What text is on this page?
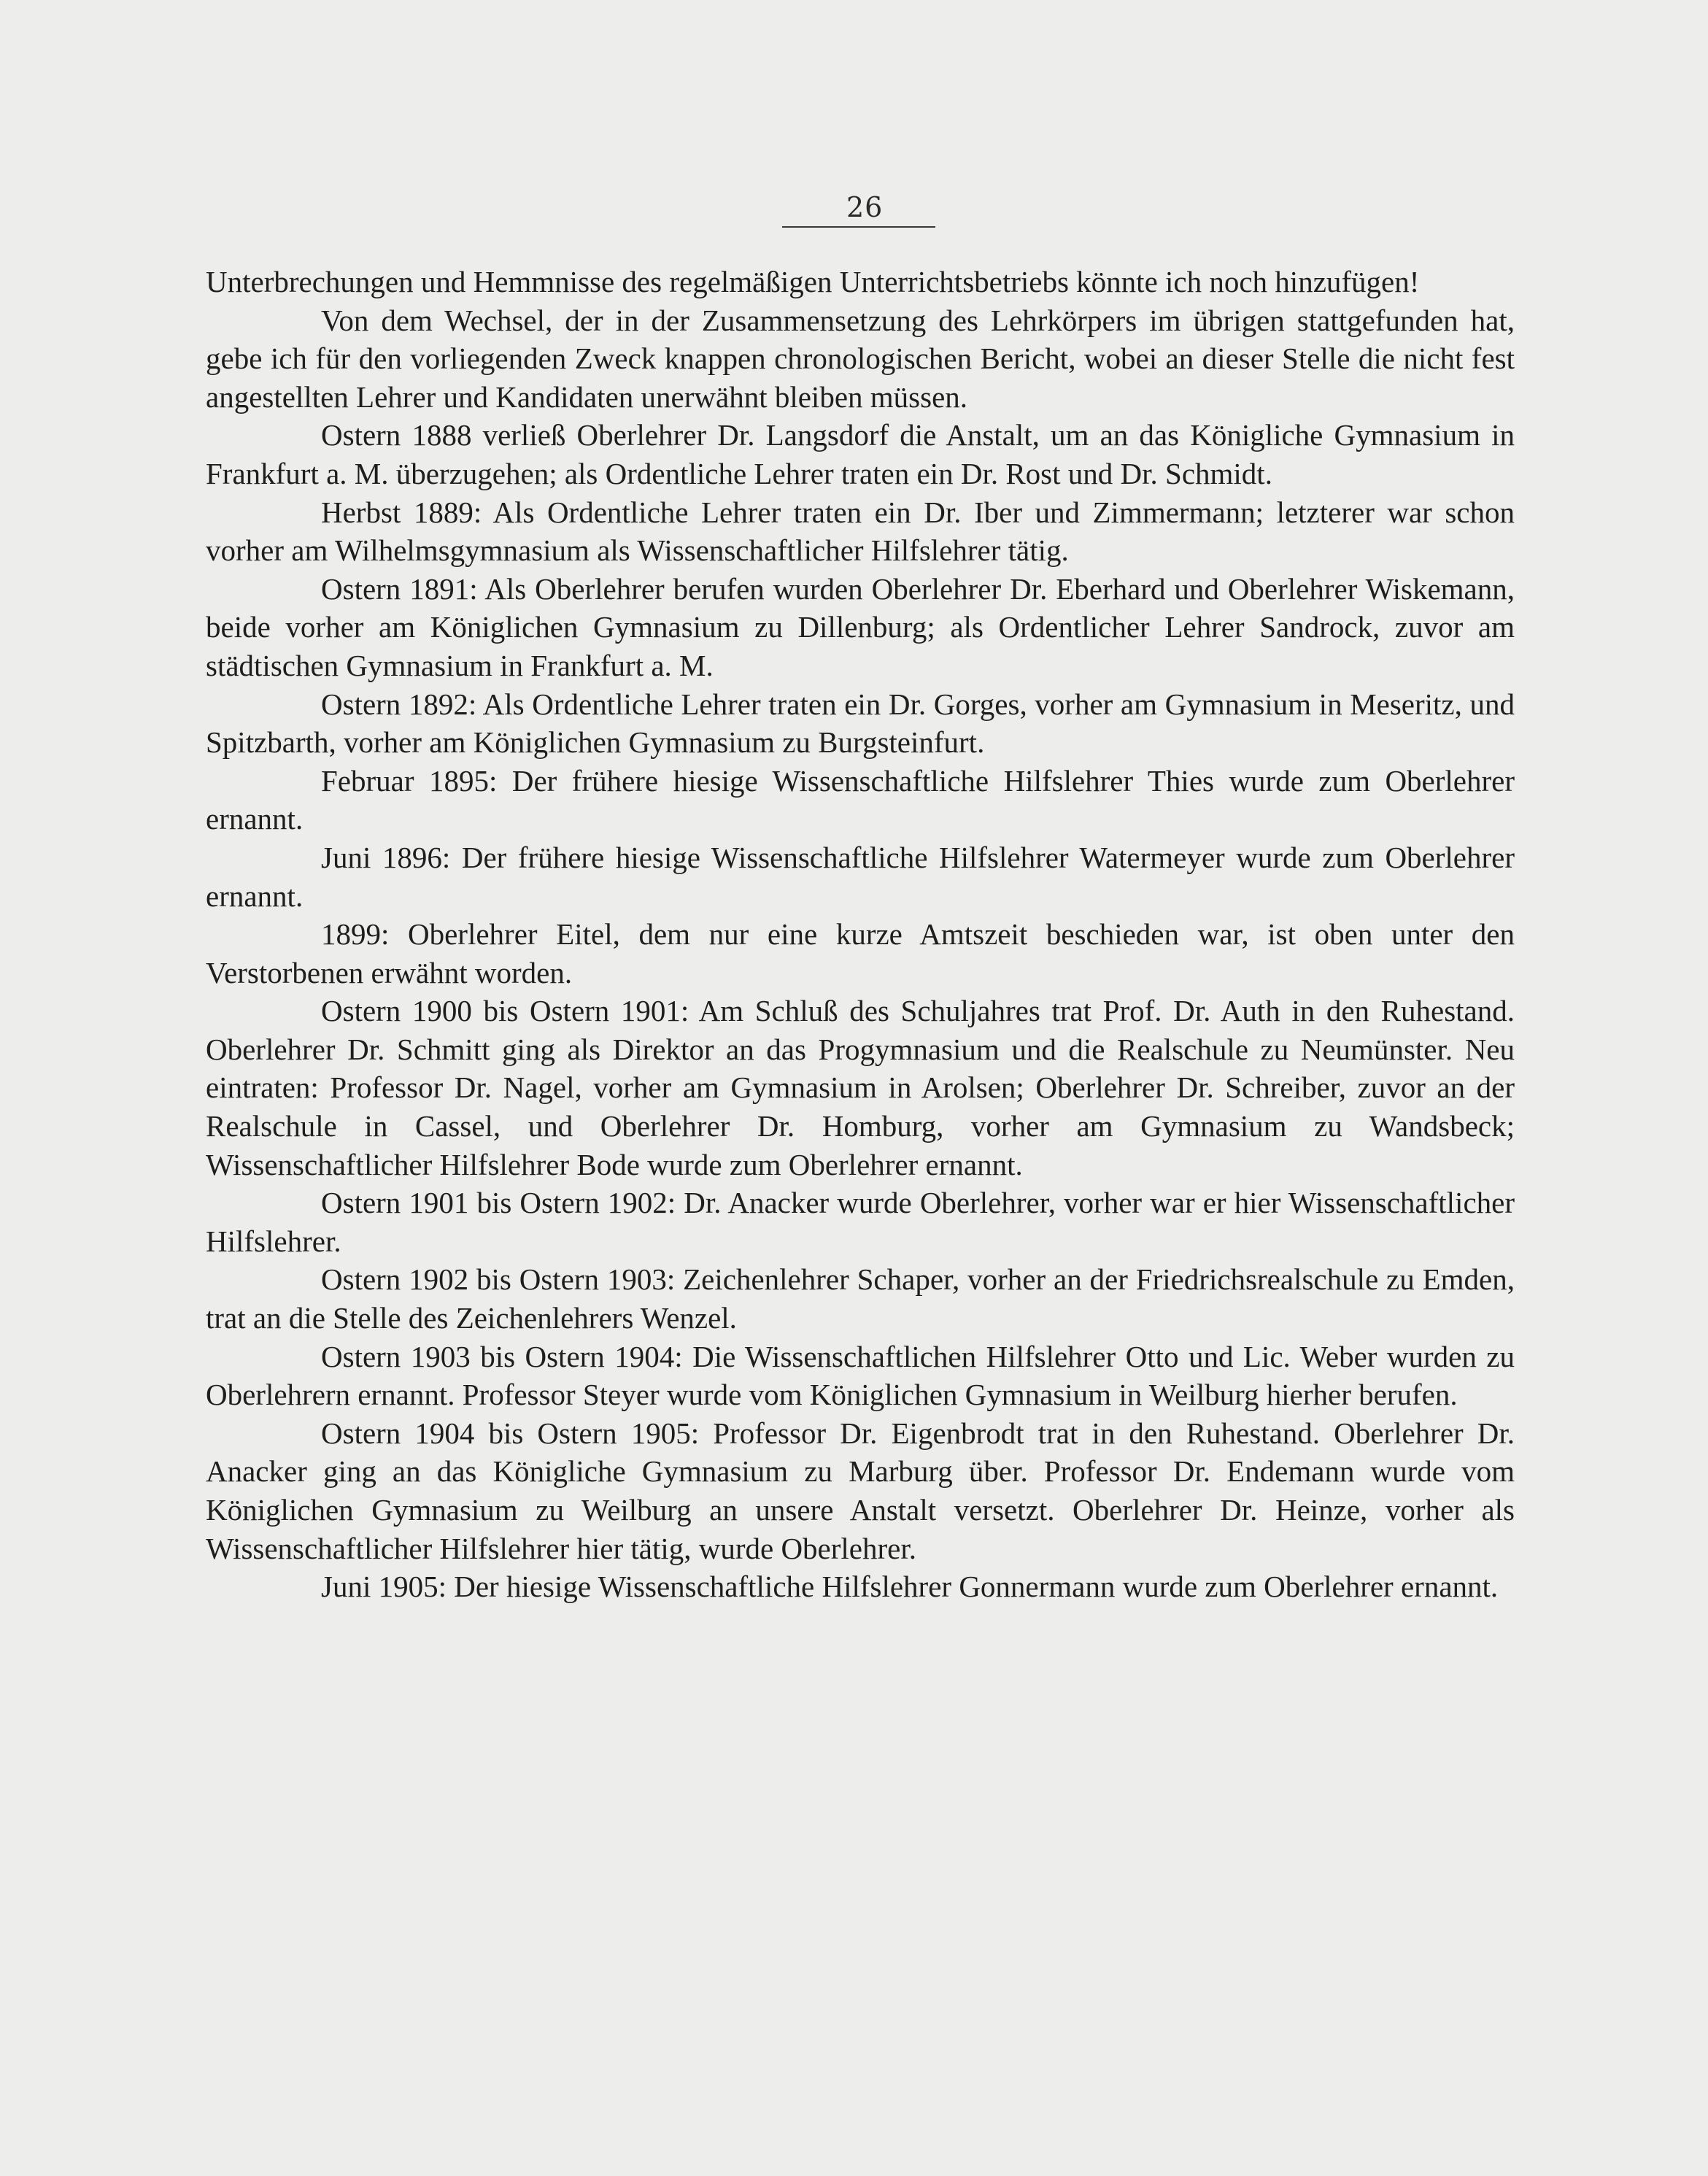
26

Unterbrechungen und Hemmnisse des regelmäßigen Unterrichtsbetriebs könnte ich noch hinzufügen!

Von dem Wechsel, der in der Zusammensetzung des Lehrkörpers im übrigen stattgefunden hat, gebe ich für den vorliegenden Zweck knappen chronologischen Bericht, wobei an dieser Stelle die nicht fest angestellten Lehrer und Kandidaten unerwähnt bleiben müssen.

Ostern 1888 verließ Oberlehrer Dr. Langsdorf die Anstalt, um an das Königliche Gymnasium in Frankfurt a. M. überzugehen; als Ordentliche Lehrer traten ein Dr. Rost und Dr. Schmidt.

Herbst 1889: Als Ordentliche Lehrer traten ein Dr. Iber und Zimmermann; letzterer war schon vorher am Wilhelmsgymnasium als Wissenschaftlicher Hilfslehrer tätig.

Ostern 1891: Als Oberlehrer berufen wurden Oberlehrer Dr. Eberhard und Oberlehrer Wiskemann, beide vorher am Königlichen Gymnasium zu Dillenburg; als Ordentlicher Lehrer Sandrock, zuvor am städtischen Gymnasium in Frankfurt a. M.

Ostern 1892: Als Ordentliche Lehrer traten ein Dr. Gorges, vorher am Gymnasium in Meseritz, und Spitzbarth, vorher am Königlichen Gymnasium zu Burgsteinfurt.

Februar 1895: Der frühere hiesige Wissenschaftliche Hilfslehrer Thies wurde zum Oberlehrer ernannt.

Juni 1896: Der frühere hiesige Wissenschaftliche Hilfslehrer Watermeyer wurde zum Oberlehrer ernannt.

1899: Oberlehrer Eitel, dem nur eine kurze Amtszeit beschieden war, ist oben unter den Verstorbenen erwähnt worden.

Ostern 1900 bis Ostern 1901: Am Schluß des Schuljahres trat Prof. Dr. Auth in den Ruhestand. Oberlehrer Dr. Schmitt ging als Direktor an das Progymnasium und die Realschule zu Neumünster. Neu eintraten: Professor Dr. Nagel, vorher am Gymnasium in Arolsen; Oberlehrer Dr. Schreiber, zuvor an der Realschule in Cassel, und Oberlehrer Dr. Homburg, vorher am Gymnasium zu Wandsbeck; Wissenschaftlicher Hilfslehrer Bode wurde zum Oberlehrer ernannt.

Ostern 1901 bis Ostern 1902: Dr. Anacker wurde Oberlehrer, vorher war er hier Wissenschaftlicher Hilfslehrer.

Ostern 1902 bis Ostern 1903: Zeichenlehrer Schaper, vorher an der Friedrichsrealschule zu Emden, trat an die Stelle des Zeichenlehrers Wenzel.

Ostern 1903 bis Ostern 1904: Die Wissenschaftlichen Hilfslehrer Otto und Lic. Weber wurden zu Oberlehrern ernannt. Professor Steyer wurde vom Königlichen Gymnasium in Weilburg hierher berufen.

Ostern 1904 bis Ostern 1905: Professor Dr. Eigenbrodt trat in den Ruhestand. Oberlehrer Dr. Anacker ging an das Königliche Gymnasium zu Marburg über. Professor Dr. Endemann wurde vom Königlichen Gymnasium zu Weilburg an unsere Anstalt versetzt. Oberlehrer Dr. Heinze, vorher als Wissenschaftlicher Hilfslehrer hier tätig, wurde Oberlehrer.

Juni 1905: Der hiesige Wissenschaftliche Hilfslehrer Gonnermann wurde zum Oberlehrer ernannt.
